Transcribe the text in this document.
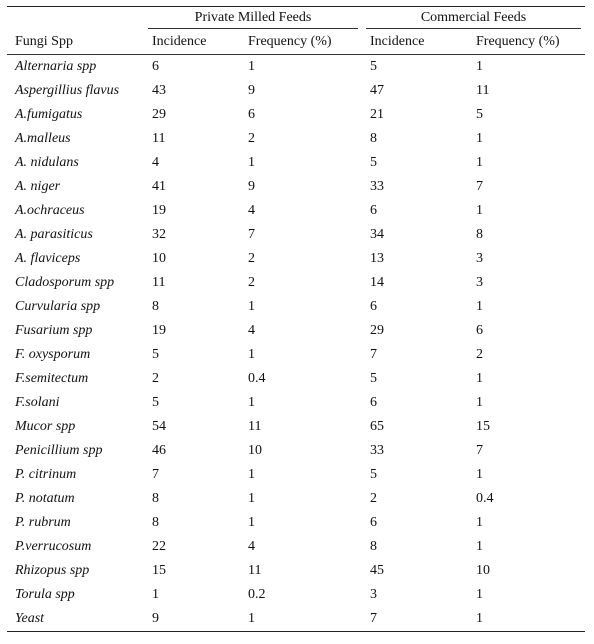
	Private Milled Feeds		Commercial Feeds	

Fungi Spp	Incidence	Frequency (%)	Incidence	Frequency (%)
Alternaria spp	6	1	5	1
Aspergillius flavus	43	9	47	11
A.fumigatus	29	6	21	5
A.malleus	11	2	8	1
A. nidulans	4	1	5	1
A. niger	41	9	33	7
A.ochraceus	19	4	6	1
A. parasiticus	32	7	34	8
A. flaviceps	10	2	13	3
Cladosporum spp	11	2	14	3
Curvularia spp	8	1	6	1
Fusarium spp	19	4	29	6
F. oxysporum	5	1	7	2
F.semitectum	2	0.4	5	1
F.solani	5	1	6	1
Mucor spp	54	11	65	15
Penicillium spp	46	10	33	7
P. citrinum	7	1	5	1
P. notatum	8	1	2	0.4
P. rubrum	8	1	6	1
P.verrucosum	22	4	8	1
Rhizopus spp	15	11	45	10
Torula spp	1	0.2	3	1
Yeast	9	1	7	1
